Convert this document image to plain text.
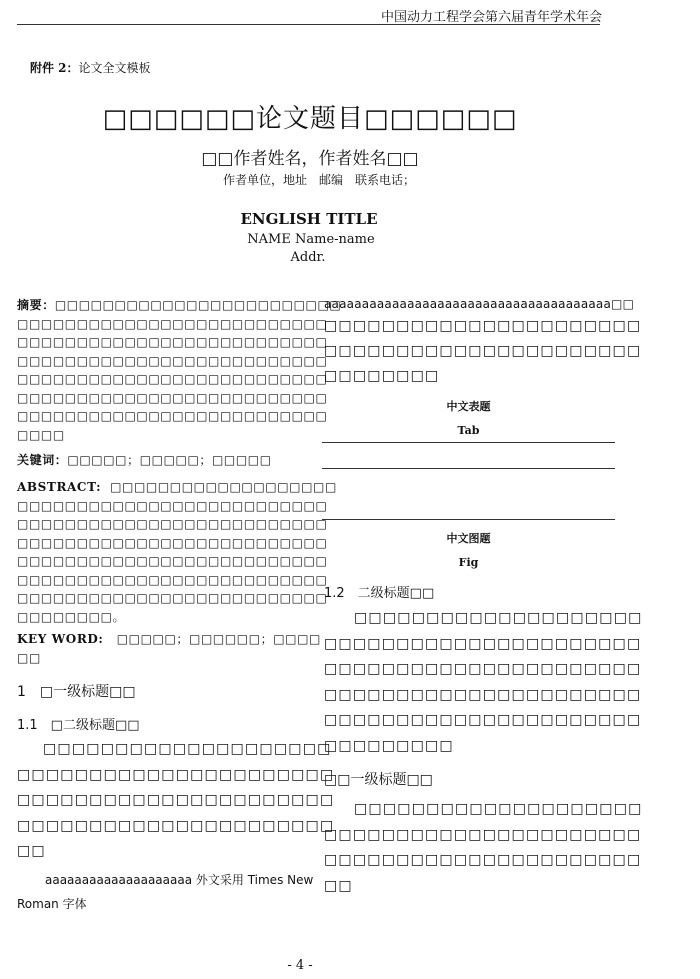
中国动力工程学会第六届青年学术年会
附件 2：论文全文模板
□□□□□□论文题目□□□□□□
□□作者姓名，作者姓名□□
作者单位，地址　邮编　联系电话；
ENGLISH TITLE
NAME Name-name
Addr.
摘要：□□□□□□□□□□□□□□□□□□□□□□□□
□□□□□□□□□□□□□□□□□□□□□□□□□□
□□□□□□□□□□□□□□□□□□□□□□□□□□
□□□□□□□□□□□□□□□□□□□□□□□□□□
□□□□□□□□□□□□□□□□□□□□□□□□□□
□□□□□□□□□□□□□□□□□□□□□□□□□□
□□□□□□□□□□□□□□□□□□□□□□□□□□
□□□□
关键词：□□□□□；□□□□□；□□□□□
ABSTRACT: □□□□□□□□□□□□□□□□□□□
□□□□□□□□□□□□□□□□□□□□□□□□□□
□□□□□□□□□□□□□□□□□□□□□□□□□□
□□□□□□□□□□□□□□□□□□□□□□□□□□
□□□□□□□□□□□□□□□□□□□□□□□□□□
□□□□□□□□□□□□□□□□□□□□□□□□□□
□□□□□□□□□□□□□□□□□□□□□□□□□□
□□□□□□□□。
KEY WORD: □□□□□；□□□□□□；□□□□
□□
1　□一级标题□□
1.1　□二级标题□□
□□□□□□□□□□□□□□□□□□□□
□□□□□□□□□□□□□□□□□□□□□□
□□□□□□□□□□□□□□□□□□□□□□
□□□□□□□□□□□□□□□□□□□□□□
□□
aaaaaaaaaaaaaaaaaaaa 外文采用 Times New
Roman 字体
aaaaaaaaaaaaaaaaaaaaaaaaaaaaaaaaaaaaaa□□
□□□□□□□□□□□□□□□□□□□□□□
□□□□□□□□□□□□□□□□□□□□□□
□□□□□□□□
中文表题
Tab
中文图题
Fig
1.2　二级标题□□
□□□□□□□□□□□□□□□□□□□□
□□□□□□□□□□□□□□□□□□□□□□
□□□□□□□□□□□□□□□□□□□□□□
□□□□□□□□□□□□□□□□□□□□□□
□□□□□□□□□□□□□□□□□□□□□□
□□□□□□□□□
□□一级标题□□
□□□□□□□□□□□□□□□□□□□□
□□□□□□□□□□□□□□□□□□□□□□
□□□□□□□□□□□□□□□□□□□□□□
□□
- 4 -
